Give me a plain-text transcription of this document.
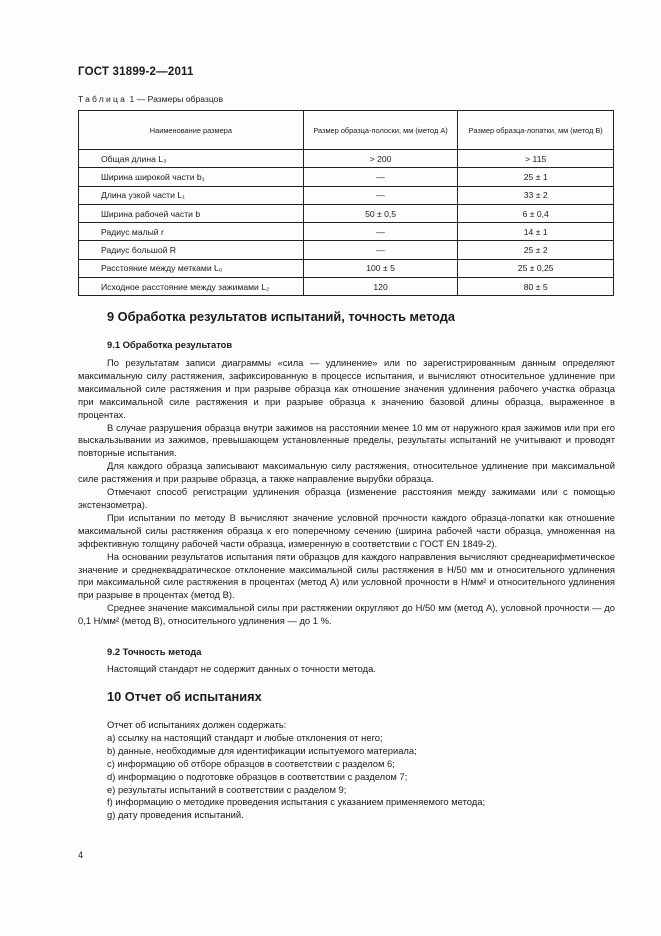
ГОСТ 31899-2—2011
Таблица 1 — Размеры образцов
Наименование размера	Размер образца-полоски, мм (метод А)	Размер образца-лопатки, мм (метод В)
Общая длина L₃	> 200	> 115
Ширина широкой части b₁	—	25 ± 1
Длина узкой части L₁	—	33 ± 2
Ширина рабочей части b	50 ± 0,5	6 ± 0,4
Радиус малый r	—	14 ± 1
Радиус большой R	—	25 ± 2
Расстояние между метками L₀	100 ± 5	25 ± 0,25
Исходное расстояние между зажимами L₂	120	80 ± 5
9 Обработка результатов испытаний, точность метода
9.1 Обработка результатов

По результатам записи диаграммы «сила — удлинение» или по зарегистрированным данным определяют максимальную силу растяжения, зафиксированную в процессе испытания, и вычисляют относительное удлинение при максимальной силе растяжения и при разрыве образца как отношение значения удлинения рабочего участка образца при максимальной силе растяжения и при разрыве образца к значению базовой длины образца, выраженное в процентах.

В случае разрушения образца внутри зажимов на расстоянии менее 10 мм от наружного края зажимов или при его выскальзывании из зажимов, превышающем установленные пределы, результаты испытаний не учитывают и проводят повторные испытания.

Для каждого образца записывают максимальную силу растяжения, относительное удлинение при максимальной силе растяжения и при разрыве образца, а также направление вырубки образца.

Отмечают способ регистрации удлинения образца (изменение расстояния между зажимами или с помощью экстензометра).

При испытании по методу В вычисляют значение условной прочности каждого образца-лопатки как отношение максимальной силы растяжения образца к его поперечному сечению (ширина рабочей части образца, умноженная на эффективную толщину рабочей части образца, измеренную в соответствии с ГОСТ EN 1849-2).

На основании результатов испытания пяти образцов для каждого направления вычисляют среднеарифметическое значение и среднеквадратическое отклонение максимальной силы растяжения в Н/50 мм и относительного удлинения при максимальной силе растяжения в процентах (метод А) или условной прочности в Н/мм² и относительного удлинения при разрыве в процентах (метод В).

Среднее значение максимальной силы при растяжении округляют до Н/50 мм (метод А), условной прочности — до 0,1 Н/мм² (метод В), относительного удлинения — до 1 %.

9.2 Точность метода

Настоящий стандарт не содержит данных о точности метода.

10 Отчет об испытаниях

Отчет об испытаниях должен содержать:

a) ссылку на настоящий стандарт и любые отклонения от него;
b) данные, необходимые для идентификации испытуемого материала;
c) информацию об отборе образцов в соответствии с разделом 6;
d) информацию о подготовке образцов в соответствии с разделом 7;
e) результаты испытаний в соответствии с разделом 9;
f) информацию о методике проведения испытания с указанием применяемого метода;
g) дату проведения испытаний.
4
